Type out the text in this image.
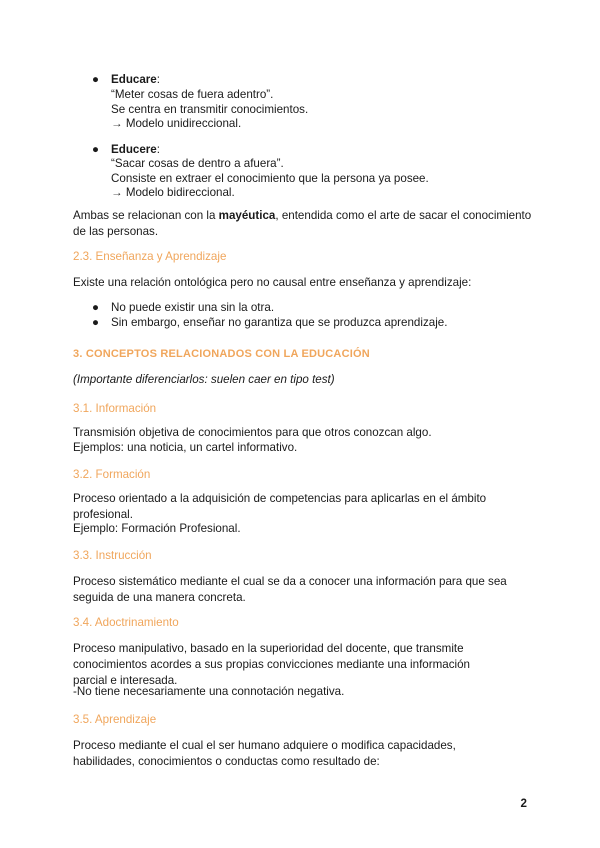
● Educare:

“Meter cosas de fuera adentro”.

Se centra en transmitir conocimientos.

→ Modelo unidireccional.

● Educere:

“Sacar cosas de dentro a afuera”.

Consiste en extraer el conocimiento que la persona ya posee.

→ Modelo bidireccional.

Ambas se relacionan con la mayéutica, entendida como el arte de sacar el conocimiento de las personas.

2.3. Enseñanza y Aprendizaje

Existe una relación ontológica pero no causal entre enseñanza y aprendizaje:

● No puede existir una sin la otra.

● Sin embargo, enseñar no garantiza que se produzca aprendizaje.

3. CONCEPTOS RELACIONADOS CON LA EDUCACIÓN

(Importante diferenciarlos: suelen caer en tipo test)

3.1. Información

Transmisión objetiva de conocimientos para que otros conozcan algo.

Ejemplos: una noticia, un cartel informativo.

3.2. Formación

Proceso orientado a la adquisición de competencias para aplicarlas en el ámbito profesional.

Ejemplo: Formación Profesional.

3.3. Instrucción

Proceso sistemático mediante el cual se da a conocer una información para que sea seguida de una manera concreta.

3.4. Adoctrinamiento

Proceso manipulativo, basado en la superioridad del docente, que transmite conocimientos acordes a sus propias convicciones mediante una información parcial e interesada.

-No tiene necesariamente una connotación negativa.

3.5. Aprendizaje

Proceso mediante el cual el ser humano adquiere o modifica capacidades, habilidades, conocimientos o conductas como resultado de:

2
